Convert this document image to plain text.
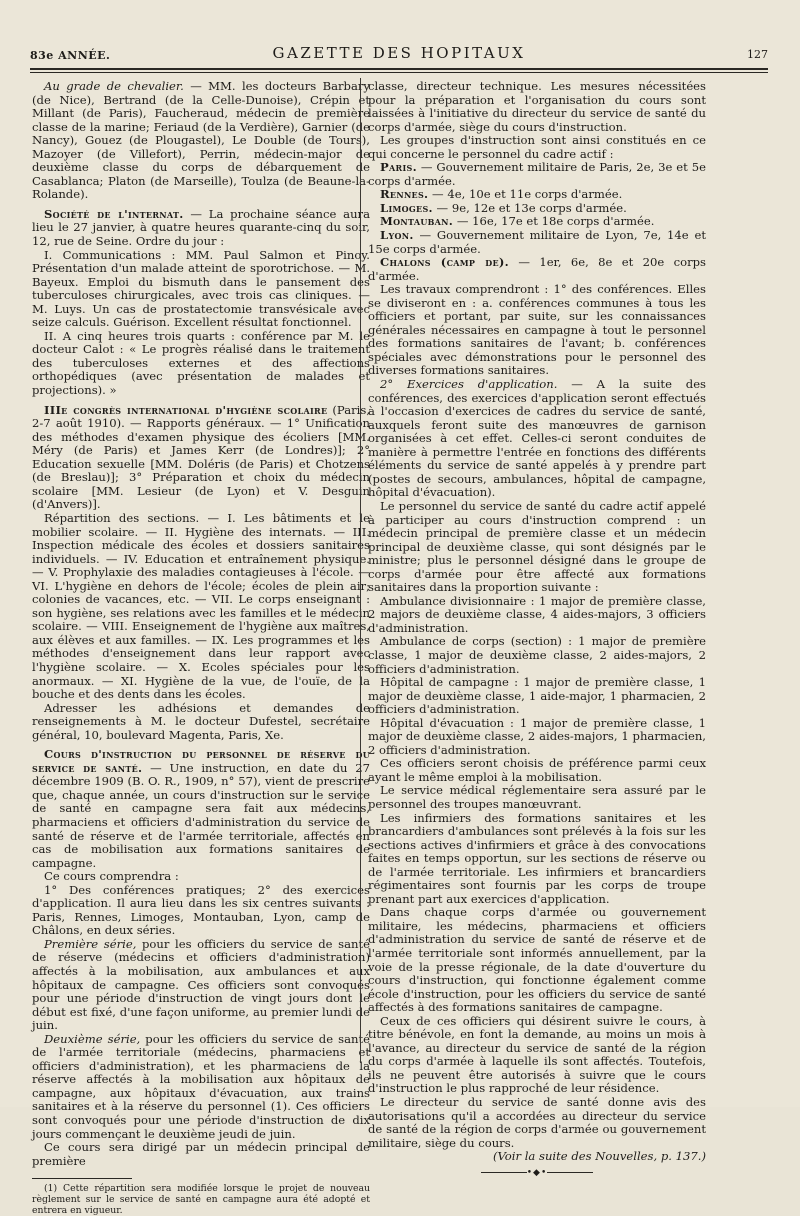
83e ANNÉE.	GAZETTE DES HOPITAUX	127

Au grade de chevalier. — MM. les docteurs Barbary (de Nice), Bertrand (de la Celle-Dunoise), Crépin et Millant (de Paris), Faucheraud, médecin de première classe de la marine; Feriaud (de la Verdière), Garnier (de Nancy), Gouez (de Plougastel), Le Double (de Tours), Mazoyer (de Villefort), Perrin, médecin-major de deuxième classe du corps de débarquement de Casablanca; Platon (de Marseille), Toulza (de Beaune-la-Rolande).

Société de l'internat. — La prochaine séance aura lieu le 27 janvier, à quatre heures quarante-cinq du soir, 12, rue de Seine. Ordre du jour :

I. Communications : MM. Paul Salmon et Pinoy. Présentation d'un malade atteint de sporotrichose. — M. Bayeux. Emploi du bismuth dans le pansement des tuberculoses chirurgicales, avec trois cas cliniques. — M. Luys. Un cas de prostatectomie transvésicale avec seize calculs. Guérison. Excellent résultat fonctionnel.

II. A cinq heures trois quarts : conférence par M. le docteur Calot : « Le progrès réalisé dans le traitement des tuberculoses externes et des affections orthopédiques (avec présentation de malades et projections). »

IIIe congrès international d'hygiène scolaire (Paris, 2-7 août 1910). — Rapports généraux. — 1° Unification des méthodes d'examen physique des écoliers [MM. Méry (de Paris) et James Kerr (de Londres)]; 2° Education sexuelle [MM. Doléris (de Paris) et Chotzens (de Breslau)]; 3° Préparation et choix du médecin scolaire [MM. Lesieur (de Lyon) et V. Desguin (d'Anvers)].

Répartition des sections. — I. Les bâtiments et le mobilier scolaire. — II. Hygiène des internats. — III. Inspection médicale des écoles et dossiers sanitaires individuels. — IV. Education et entraînement physique. — V. Prophylaxie des maladies contagieuses à l'école. — VI. L'hygiène en dehors de l'école; écoles de plein air; colonies de vacances, etc. — VII. Le corps enseignant : son hygiène, ses relations avec les familles et le médecin scolaire. — VIII. Enseignement de l'hygiène aux maîtres, aux élèves et aux familles. — IX. Les programmes et les méthodes d'enseignement dans leur rapport avec l'hygiène scolaire. — X. Ecoles spéciales pour les anormaux. — XI. Hygiène de la vue, de l'ouïe, de la bouche et des dents dans les écoles.

Adresser les adhésions et demandes de renseignements à M. le docteur Dufestel, secrétaire général, 10, boulevard Magenta, Paris, Xe.

Cours d'instruction du personnel de réserve du service de santé. — Une instruction, en date du 27 décembre 1909 (B. O. R., 1909, n° 57), vient de prescrire que, chaque année, un cours d'instruction sur le service de santé en campagne sera fait aux médecins, pharmaciens et officiers d'administration du service de santé de réserve et de l'armée territoriale, affectés en cas de mobilisation aux formations sanitaires de campagne.

Ce cours comprendra :

1° Des conférences pratiques; 2° des exercices d'application. Il aura lieu dans les six centres suivants : Paris, Rennes, Limoges, Montauban, Lyon, camp de Châlons, en deux séries.

Première série, pour les officiers du service de santé de réserve (médecins et officiers d'administration) affectés à la mobilisation, aux ambulances et aux hôpitaux de campagne. Ces officiers sont convoqués pour une période d'instruction de vingt jours dont le début est fixé, d'une façon uniforme, au premier lundi de juin.

Deuxième série, pour les officiers du service de santé de l'armée territoriale (médecins, pharmaciens et officiers d'administration), et les pharmaciens de la réserve affectés à la mobilisation aux hôpitaux de campagne, aux hôpitaux d'évacuation, aux trains sanitaires et à la réserve du personnel (1). Ces officiers sont convoqués pour une période d'instruction de dix jours commençant le deuxième jeudi de juin.

Ce cours sera dirigé par un médecin principal de première

(1) Cette répartition sera modifiée lorsque le projet de nouveau règlement sur le service de santé en campagne aura été adopté et entrera en vigueur.

classe, directeur technique. Les mesures nécessitées pour la préparation et l'organisation du cours sont laissées à l'initiative du directeur du service de santé du corps d'armée, siège du cours d'instruction.

Les groupes d'instruction sont ainsi constitués en ce qui concerne le personnel du cadre actif :

Paris. — Gouvernement militaire de Paris, 2e, 3e et 5e corps d'armée.

Rennes. — 4e, 10e et 11e corps d'armée.

Limoges. — 9e, 12e et 13e corps d'armée.

Montauban. — 16e, 17e et 18e corps d'armée.

Lyon. — Gouvernement militaire de Lyon, 7e, 14e et 15e corps d'armée.

Chalons (camp de). — 1er, 6e, 8e et 20e corps d'armée.

Les travaux comprendront : 1° des conférences. Elles se diviseront en : a. conférences communes à tous les officiers et portant, par suite, sur les connaissances générales nécessaires en campagne à tout le personnel des formations sanitaires de l'avant; b. conférences spéciales avec démonstrations pour le personnel des diverses formations sanitaires.

2° Exercices d'application. — A la suite des conférences, des exercices d'application seront effectués à l'occasion d'exercices de cadres du service de santé, auxquels feront suite des manœuvres de garnison organisées à cet effet. Celles-ci seront conduites de manière à permettre l'entrée en fonctions des différents éléments du service de santé appelés à y prendre part (postes de secours, ambulances, hôpital de campagne, hôpital d'évacuation).

Le personnel du service de santé du cadre actif appelé à participer au cours d'instruction comprend : un médecin principal de première classe et un médecin principal de deuxième classe, qui sont désignés par le ministre; plus le personnel désigné dans le groupe de corps d'armée pour être affecté aux formations sanitaires dans la proportion suivante :

Ambulance divisionnaire : 1 major de première classe, 2 majors de deuxième classe, 4 aides-majors, 3 officiers d'administration.

Ambulance de corps (section) : 1 major de première classe, 1 major de deuxième classe, 2 aides-majors, 2 officiers d'administration.

Hôpital de campagne : 1 major de première classe, 1 major de deuxième classe, 1 aide-major, 1 pharmacien, 2 officiers d'administration.

Hôpital d'évacuation : 1 major de première classe, 1 major de deuxième classe, 2 aides-majors, 1 pharmacien, 2 officiers d'administration.

Ces officiers seront choisis de préférence parmi ceux ayant le même emploi à la mobilisation.

Le service médical réglementaire sera assuré par le personnel des troupes manœuvrant.

Les infirmiers des formations sanitaires et les brancardiers d'ambulances sont prélevés à la fois sur les sections actives d'infirmiers et grâce à des convocations faites en temps opportun, sur les sections de réserve ou de l'armée territoriale. Les infirmiers et brancardiers régimentaires sont fournis par les corps de troupe prenant part aux exercices d'application.

Dans chaque corps d'armée ou gouvernement militaire, les médecins, pharmaciens et officiers d'administration du service de santé de réserve et de l'armée territoriale sont informés annuellement, par la voie de la presse régionale, de la date d'ouverture du cours d'instruction, qui fonctionne également comme école d'instruction, pour les officiers du service de santé affectés à des formations sanitaires de campagne.

Ceux de ces officiers qui désirent suivre le cours, à titre bénévole, en font la demande, au moins un mois à l'avance, au directeur du service de santé de la région du corps d'armée à laquelle ils sont affectés. Toutefois, ils ne peuvent être autorisés à suivre que le cours d'instruction le plus rapproché de leur résidence.

Le directeur du service de santé donne avis des autorisations qu'il a accordées au directeur du service de santé de la région de corps d'armée ou gouvernement militaire, siège du cours.

(Voir la suite des Nouvelles, p. 137.)

•◆•
